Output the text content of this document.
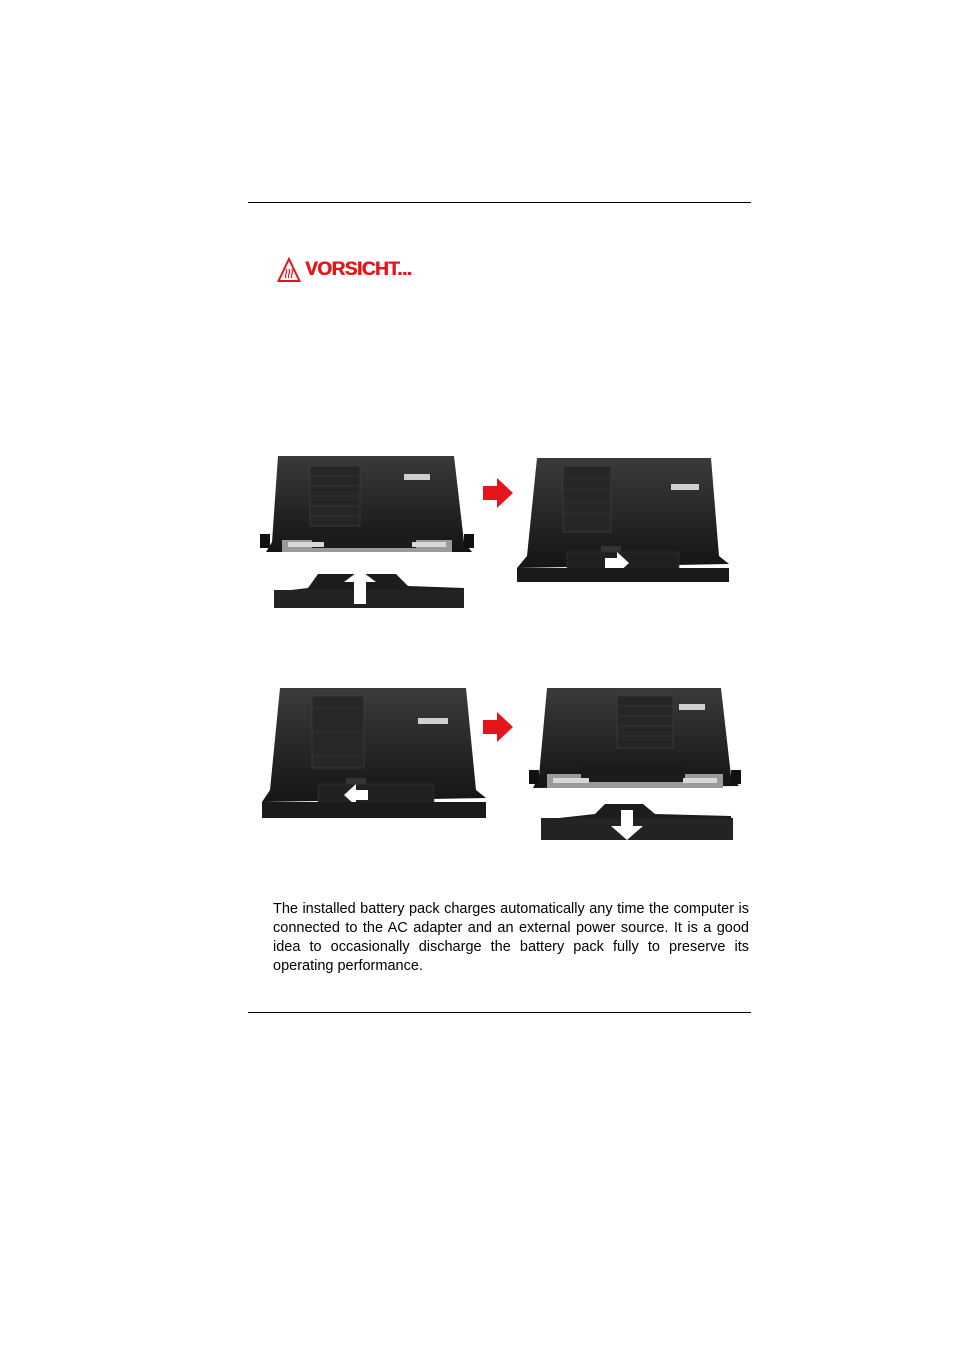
VORSICHT...

The installed battery pack charges automatically any time the computer is connected to the AC adapter and an external power source. It is a good idea to occasionally discharge the battery pack fully to preserve its operating performance.
